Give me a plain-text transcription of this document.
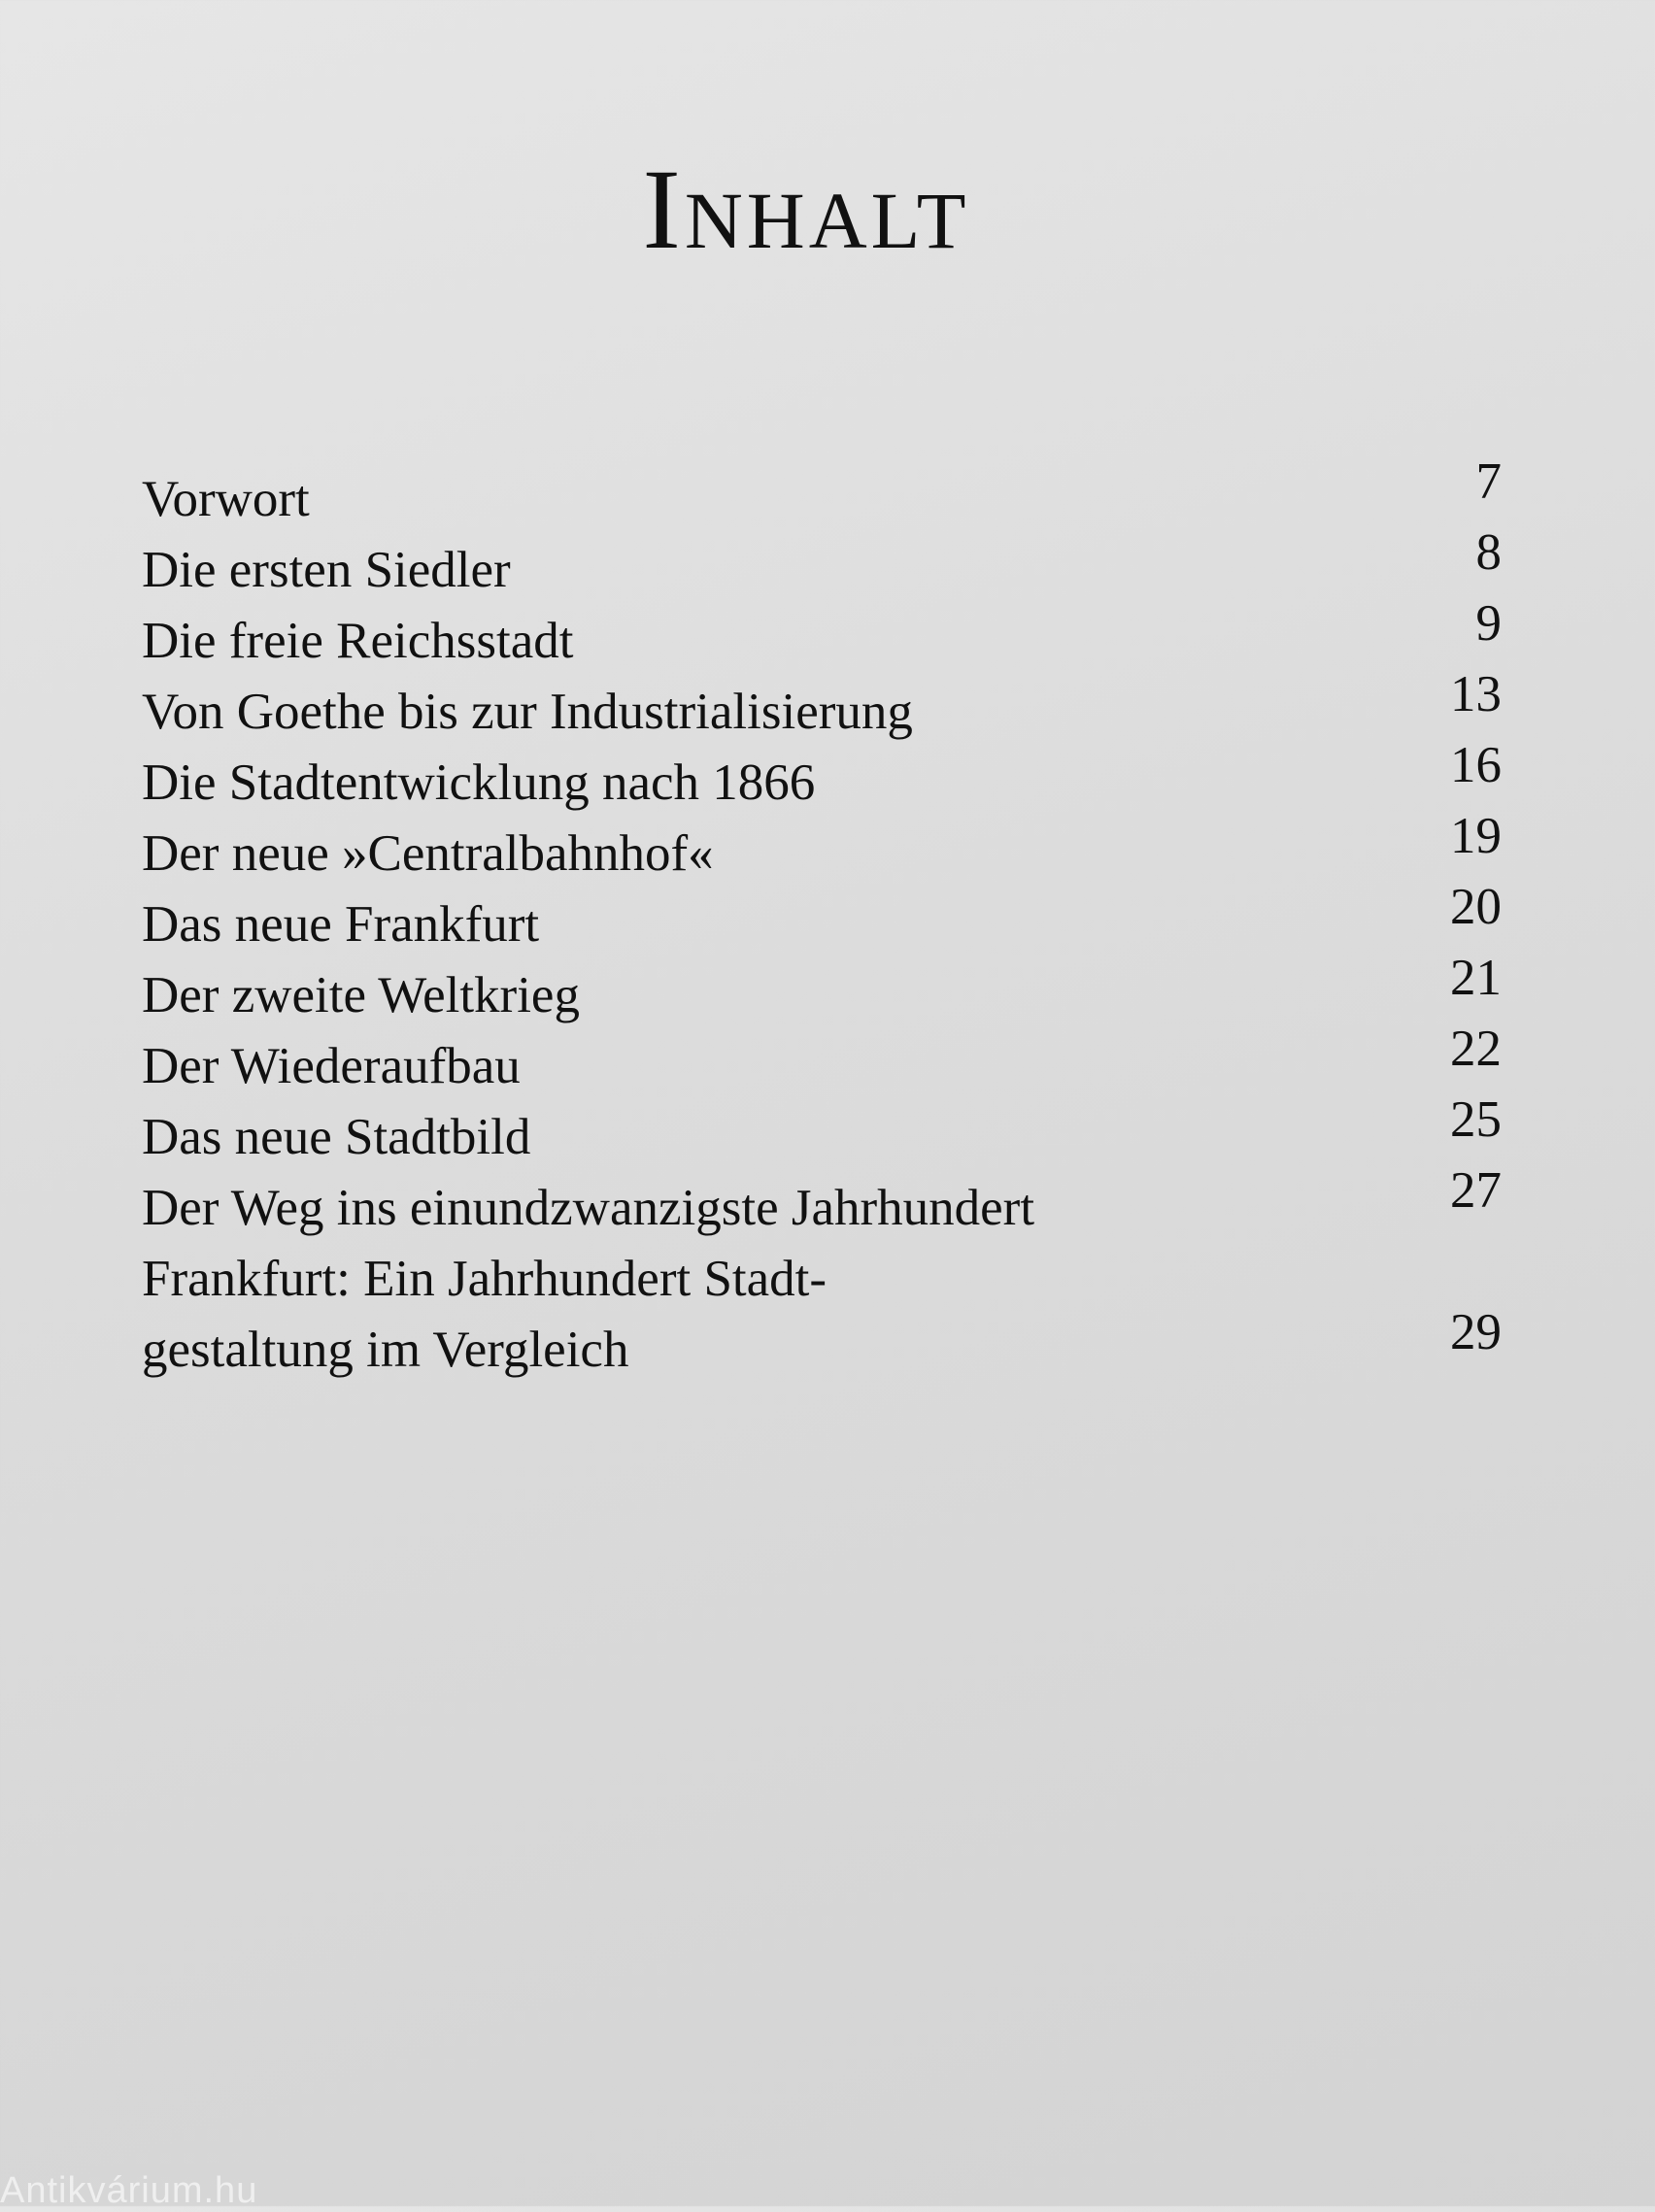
Inhalt
Vorwort	7
Die ersten Siedler	8
Die freie Reichsstadt	9
Von Goethe bis zur Industrialisierung	13
Die Stadtentwicklung nach 1866	16
Der neue »Centralbahnhof«	19
Das neue Frankfurt	20
Der zweite Weltkrieg	21
Der Wiederaufbau	22
Das neue Stadtbild	25
Der Weg ins einundzwanzigste Jahrhundert	27
Frankfurt: Ein Jahrhundert Stadt-
gestaltung im Vergleich	29
Antikvárium.hu
